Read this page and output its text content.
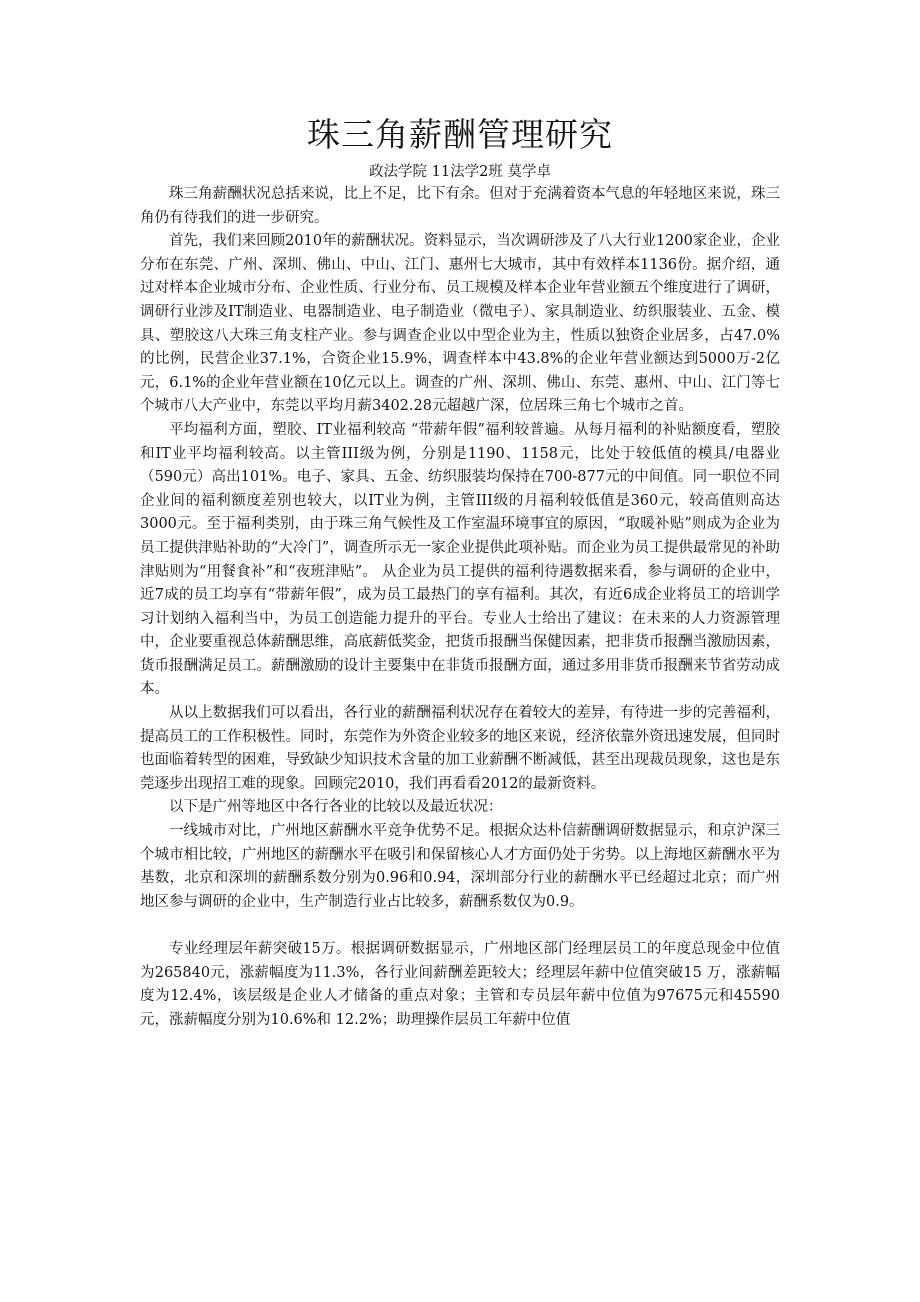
珠三角薪酬管理研究
政法学院 11法学2班 莫学卓

珠三角薪酬状况总括来说，比上不足，比下有余。但对于充满着资本气息的年轻地区来说，珠三角仍有待我们的进一步研究。

首先，我们来回顾2010年的薪酬状况。资料显示，当次调研涉及了八大行业1200家企业，企业分布在东莞、广州、深圳、佛山、中山、江门、惠州七大城市，其中有效样本1136份。据介绍，通过对样本企业城市分布、企业性质、行业分布、员工规模及样本企业年营业额五个维度进行了调研，调研行业涉及IT制造业、电器制造业、电子制造业（微电子）、家具制造业、纺织服装业、五金、模具、塑胶这八大珠三角支柱产业。参与调查企业以中型企业为主，性质以独资企业居多，占47.0%的比例，民营企业37.1%，合资企业15.9%，调查样本中43.8%的企业年营业额达到5000万-2亿元，6.1%的企业年营业额在10亿元以上。调查的广州、深圳、佛山、东莞、惠州、中山、江门等七个城市八大产业中，东莞以平均月薪3402.28元超越广深，位居珠三角七个城市之首。

平均福利方面，塑胶、IT业福利较高 “带薪年假”福利较普遍。从每月福利的补贴额度看，塑胶和IT业平均福利较高。以主管III级为例，分别是1190、1158元，比处于较低值的模具/电器业（590元）高出101%。电子、家具、五金、纺织服装均保持在700-877元的中间值。同一职位不同企业间的福利额度差别也较大，以IT业为例，主管III级的月福利较低值是360元，较高值则高达3000元。至于福利类别，由于珠三角气候性及工作室温环境事宜的原因，“取暖补贴”则成为企业为员工提供津贴补助的“大冷门”，调查所示无一家企业提供此项补贴。而企业为员工提供最常见的补助津贴则为“用餐食补”和“夜班津贴”。 从企业为员工提供的福利待遇数据来看，参与调研的企业中，近7成的员工均享有“带薪年假”，成为员工最热门的享有福利。其次，有近6成企业将员工的培训学习计划纳入福利当中，为员工创造能力提升的平台。专业人士给出了建议：在未来的人力资源管理中，企业要重视总体薪酬思维，高底薪低奖金，把货币报酬当保健因素，把非货币报酬当激励因素，货币报酬满足员工。薪酬激励的设计主要集中在非货币报酬方面，通过多用非货币报酬来节省劳动成本。

从以上数据我们可以看出，各行业的薪酬福利状况存在着较大的差异，有待进一步的完善福利，提高员工的工作积极性。同时，东莞作为外资企业较多的地区来说，经济依靠外资迅速发展，但同时也面临着转型的困难，导致缺少知识技术含量的加工业薪酬不断减低，甚至出现裁员现象，这也是东莞逐步出现招工难的现象。回顾完2010，我们再看看2012的最新资料。

以下是广州等地区中各行各业的比较以及最近状况：

一线城市对比，广州地区薪酬水平竞争优势不足。根据众达朴信薪酬调研数据显示，和京沪深三个城市相比较，广州地区的薪酬水平在吸引和保留核心人才方面仍处于劣势。以上海地区薪酬水平为基数，北京和深圳的薪酬系数分别为0.96和0.94，深圳部分行业的薪酬水平已经超过北京；而广州地区参与调研的企业中，生产制造行业占比较多，薪酬系数仅为0.9。

专业经理层年薪突破15万。根据调研数据显示，广州地区部门经理层员工的年度总现金中位值为265840元，涨薪幅度为11.3%，各行业间薪酬差距较大；经理层年薪中位值突破15 万，涨薪幅度为12.4%，该层级是企业人才储备的重点对象；主管和专员层年薪中位值为97675元和45590元，涨薪幅度分别为10.6%和 12.2%；助理操作层员工年薪中位值
